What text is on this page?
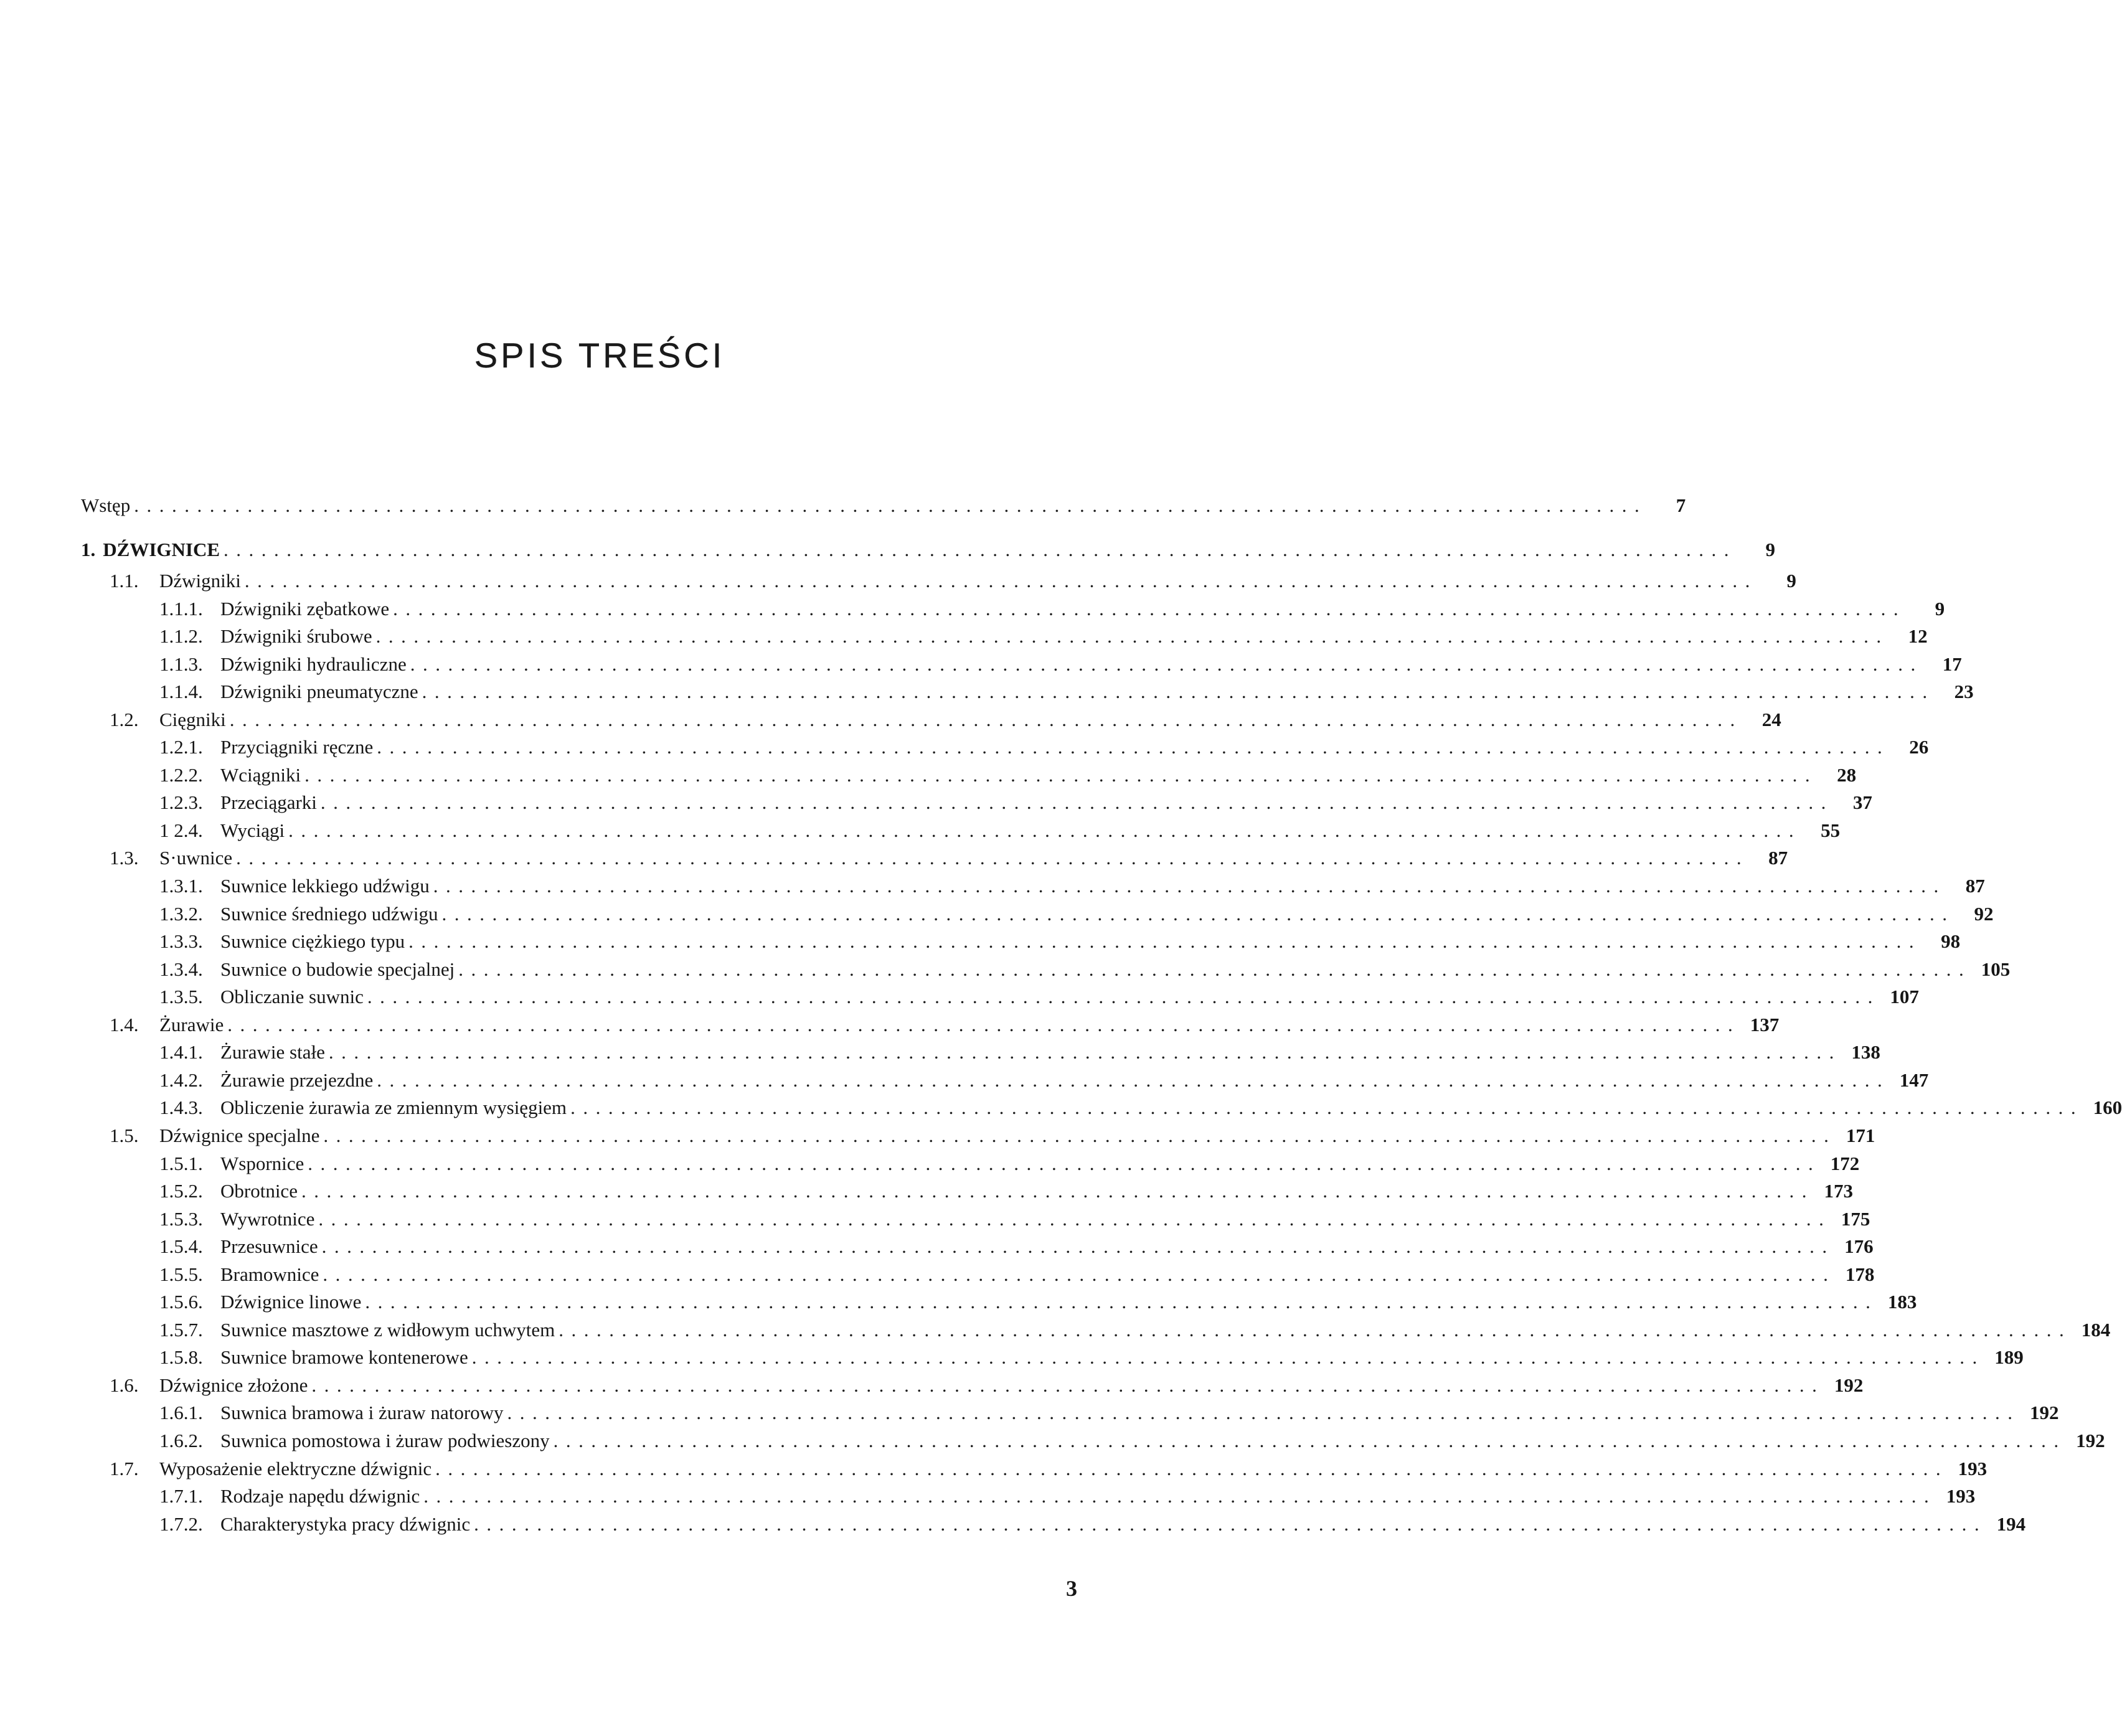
SPIS TREŚCI
Wstęp ........................................................................................................................	7
1. DŹWIGNICE ........................................................................................................................	9
1.1.	Dźwigniki ........................................................................................................................	9
1.1.1. Dźwigniki zębatkowe ........................................................................................................................	9
1.1.2. Dźwigniki śrubowe ........................................................................................................................	12
1.1.3. Dźwigniki hydrauliczne ........................................................................................................................	17
1.1.4. Dźwigniki pneumatyczne ........................................................................................................................	23
1.2.	Cięgniki ........................................................................................................................	24
1.2.1. Przyciągniki ręczne ........................................................................................................................	26
1.2.2. Wciągniki ........................................................................................................................	28
1.2.3. Przeciągarki ........................................................................................................................	37
1 2.4. Wyciągi ........................................................................................................................	55
1.3.	S·uwnice ........................................................................................................................	87
1.3.1. Suwnice lekkiego udźwigu ........................................................................................................................	87
1.3.2. Suwnice średniego udźwigu ........................................................................................................................	92
1.3.3. Suwnice ciężkiego typu ........................................................................................................................	98
1.3.4. Suwnice o budowie specjalnej ........................................................................................................................ 105
1.3.5. Obliczanie suwnic ........................................................................................................................ 107
1.4.	Żurawie ........................................................................................................................ 137
1.4.1. Żurawie stałe ........................................................................................................................ 138
1.4.2. Żurawie przejezdne ........................................................................................................................ 147
1.4.3. Obliczenie żurawia ze zmiennym wysięgiem ........................................................................................................................ 160
1.5.	Dźwignice specjalne ........................................................................................................................ 171
1.5.1. Wspornice ........................................................................................................................ 172
1.5.2. Obrotnice ........................................................................................................................ 173
1.5.3. Wywrotnice ........................................................................................................................ 175
1.5.4. Przesuwnice ........................................................................................................................ 176
1.5.5. Bramownice ........................................................................................................................ 178
1.5.6. Dźwignice linowe ........................................................................................................................ 183
1.5.7. Suwnice masztowe z widłowym uchwytem ........................................................................................................................ 184
1.5.8. Suwnice bramowe kontenerowe ........................................................................................................................ 189
1.6.	Dźwignice złożone ........................................................................................................................ 192
1.6.1. Suwnica bramowa i żuraw natorowy ........................................................................................................................ 192
1.6.2. Suwnica pomostowa i żuraw podwieszony ........................................................................................................................ 192
1.7.	Wyposażenie elektryczne dźwignic ........................................................................................................................ 193
1.7.1. Rodzaje napędu dźwignic ........................................................................................................................ 193
1.7.2. Charakterystyka pracy dźwignic ........................................................................................................................ 194
3
